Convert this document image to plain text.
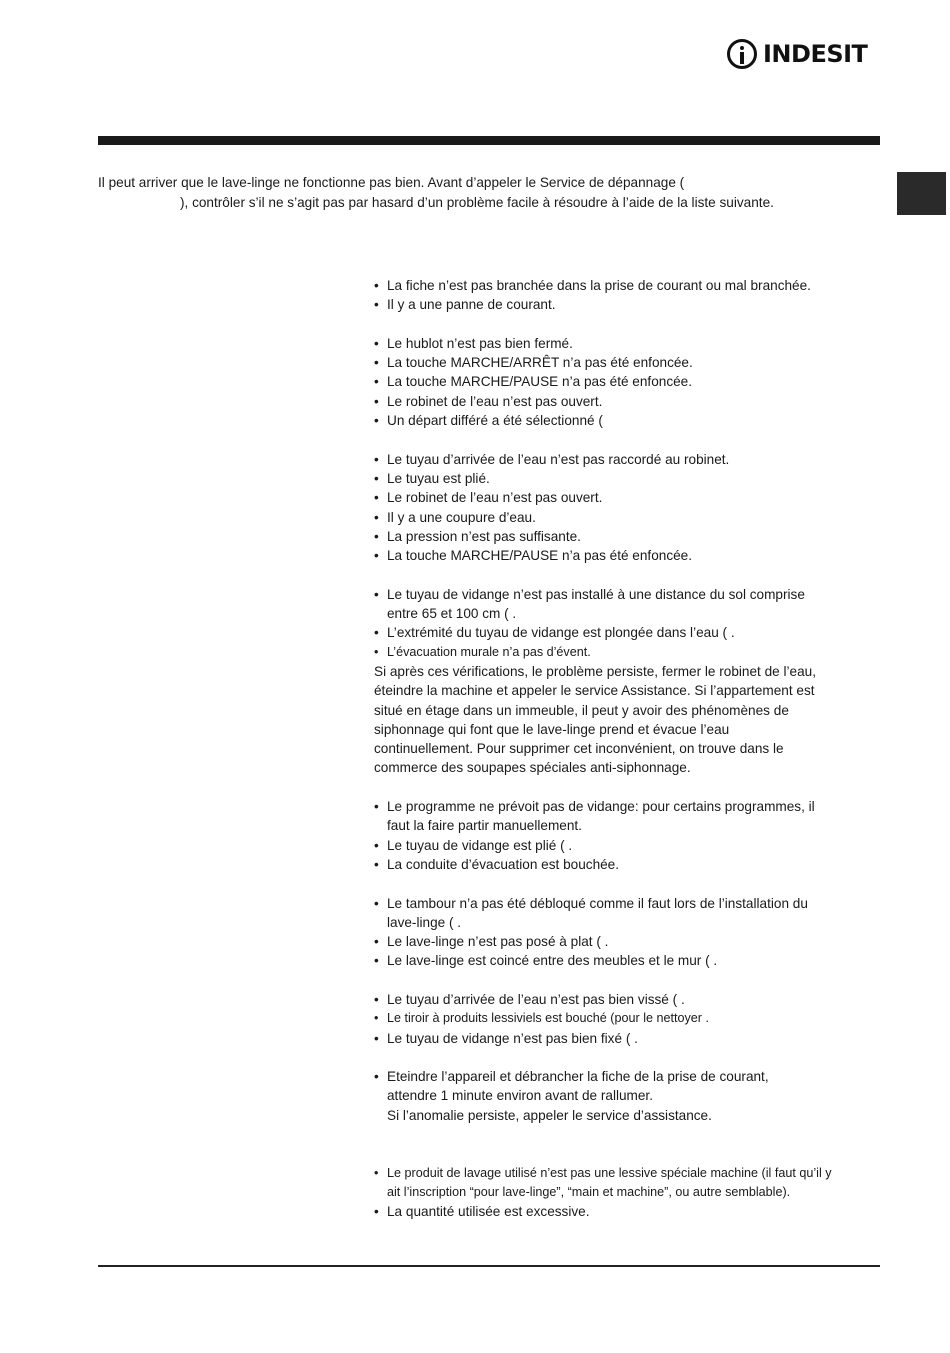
INDESIT

Il peut arriver que le lave-linge ne fonctionne pas bien. Avant d’appeler le Service de dépannage (
), contrôler s’il ne s’agit pas par hasard d’un problème facile à résoudre à l’aide de la liste suivante.

• La fiche n’est pas branchée dans la prise de courant ou mal branchée.
• Il y a une panne de courant.
• Le hublot n’est pas bien fermé.
• La touche MARCHE/ARRÊT n’a pas été enfoncée.
• La touche MARCHE/PAUSE n’a pas été enfoncée.
• Le robinet de l’eau n’est pas ouvert.
• Un départ différé a été sélectionné (
• Le tuyau d’arrivée de l’eau n’est pas raccordé au robinet.
• Le tuyau est plié.
• Le robinet de l’eau n’est pas ouvert.
• Il y a une coupure d’eau.
• La pression n’est pas suffisante.
• La touche MARCHE/PAUSE n’a pas été enfoncée.
• Le tuyau de vidange n’est pas installé à une distance du sol comprise
entre 65 et 100 cm ( .
• L’extrémité du tuyau de vidange est plongée dans l’eau ( .
• L’évacuation murale n’a pas d’évent.
Si après ces vérifications, le problème persiste, fermer le robinet de l’eau,
éteindre la machine et appeler le service Assistance. Si l’appartement est
situé en étage dans un immeuble, il peut y avoir des phénomènes de
siphonnage qui font que le lave-linge prend et évacue l’eau
continuellement. Pour supprimer cet inconvénient, on trouve dans le
commerce des soupapes spéciales anti-siphonnage.
• Le programme ne prévoit pas de vidange: pour certains programmes, il
faut la faire partir manuellement.
• Le tuyau de vidange est plié ( .
• La conduite d’évacuation est bouchée.
• Le tambour n’a pas été débloqué comme il faut lors de l’installation du
lave-linge ( .
• Le lave-linge n’est pas posé à plat ( .
• Le lave-linge est coincé entre des meubles et le mur ( .
• Le tuyau d’arrivée de l’eau n’est pas bien vissé ( .
• Le tiroir à produits lessiviels est bouché (pour le nettoyer .
• Le tuyau de vidange n’est pas bien fixé ( .
• Eteindre l’appareil et débrancher la fiche de la prise de courant,
attendre 1 minute environ avant de rallumer.
Si l’anomalie persiste, appeler le service d’assistance.
• Le produit de lavage utilisé n’est pas une lessive spéciale machine (il faut qu’il y
ait l’inscription “pour lave-linge”, “main et machine”, ou autre semblable).
• La quantité utilisée est excessive.
